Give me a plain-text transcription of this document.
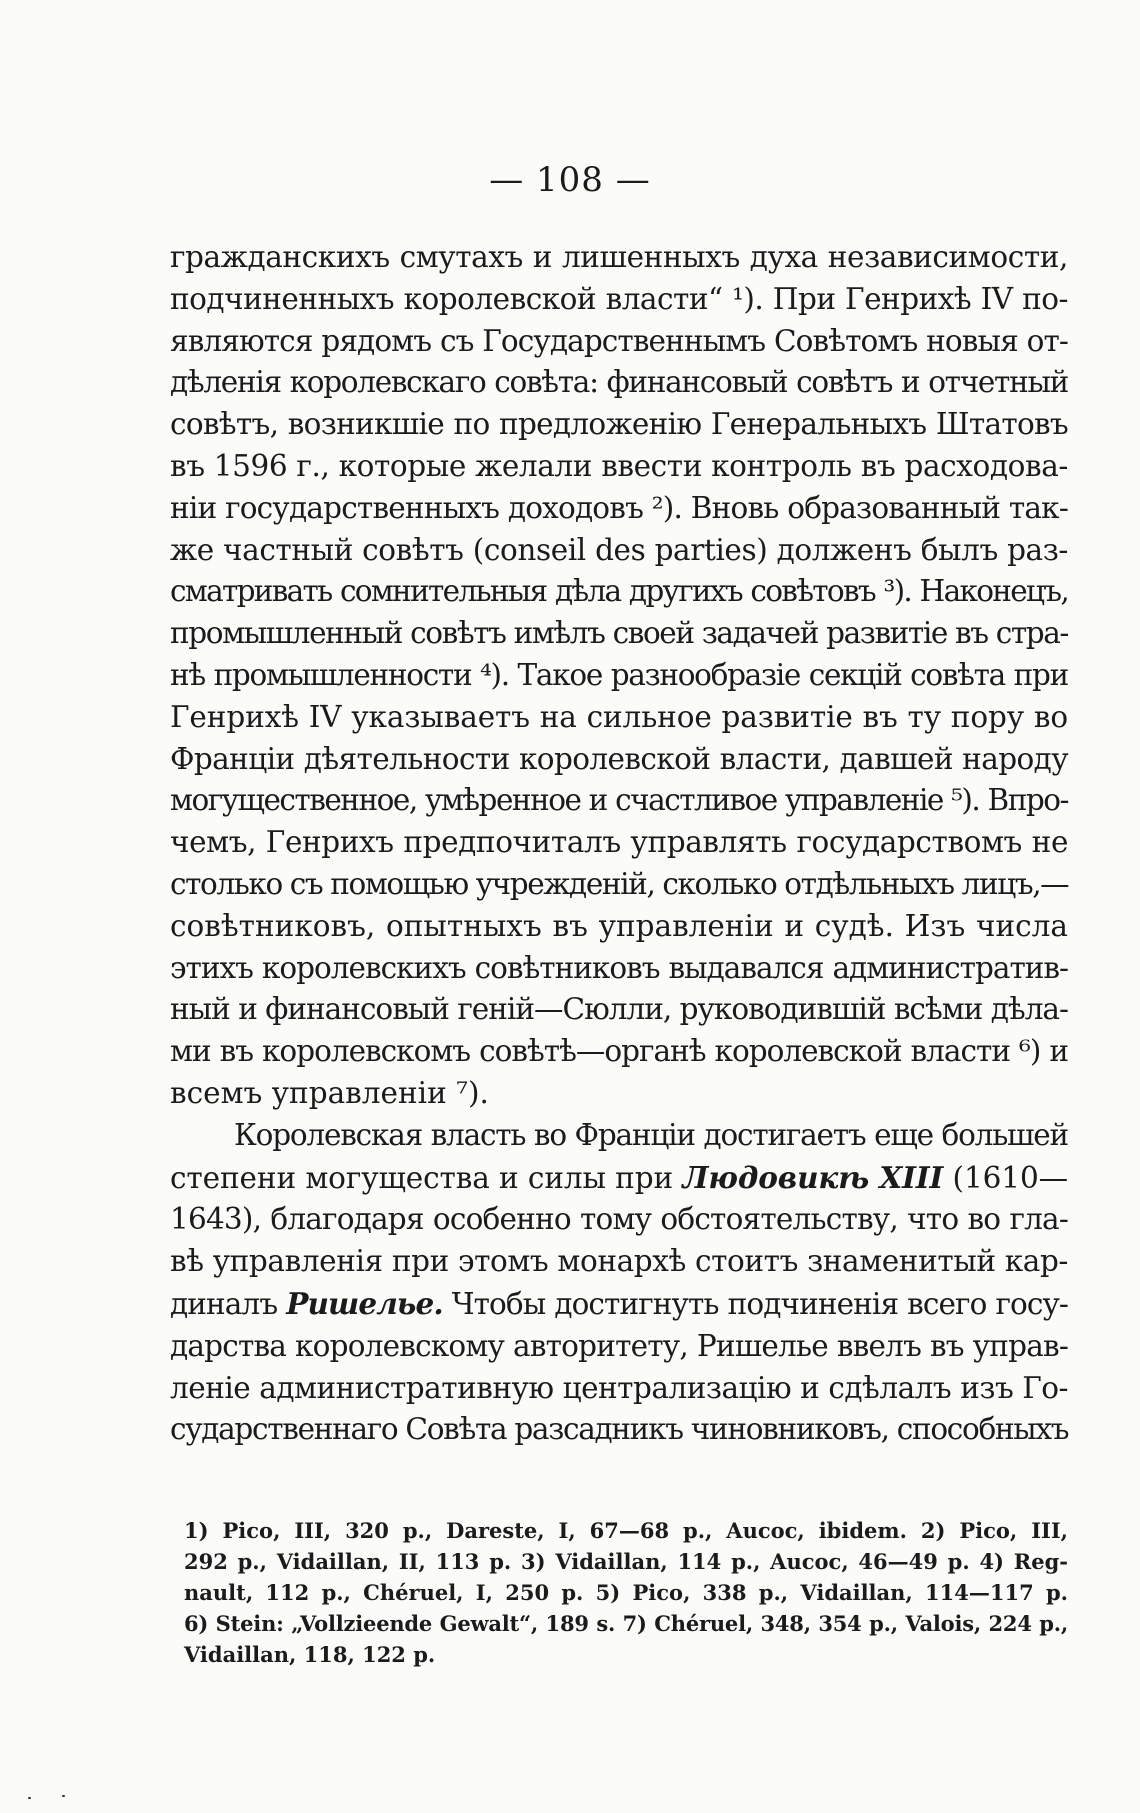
— 108 —
гражданскихъ смутахъ и лишенныхъ духа независимости,
подчиненныхъ королевской власти“ ¹). При Генрихѣ IV по-
являются рядомъ съ Государственнымъ Совѣтомъ новыя от-
дѣленія королевскаго совѣта: финансовый совѣтъ и отчетный
совѣтъ, возникшіе по предложенію Генеральныхъ Штатовъ
въ 1596 г., которые желали ввести контроль въ расходова-
ніи государственныхъ доходовъ ²). Вновь образованный так-
же частный совѣтъ (conseil des parties) долженъ былъ раз-
сматривать сомнительныя дѣла другихъ совѣтовъ ³). Наконецъ,
промышленный совѣтъ имѣлъ своей задачей развитіе въ стра-
нѣ промышленности ⁴). Такое разнообразіе секцій совѣта при
Генрихѣ IV указываетъ на сильное развитіе въ ту пору во
Франціи дѣятельности королевской власти, давшей народу
могущественное, умѣренное и счастливое управленіе ⁵). Впро-
чемъ, Генрихъ предпочиталъ управлять государствомъ не
столько съ помощью учрежденій, сколько отдѣльныхъ лицъ,—
совѣтниковъ, опытныхъ въ управленіи и судѣ. Изъ числа
этихъ королевскихъ совѣтниковъ выдавался административ-
ный и финансовый геній—Сюлли, руководившій всѣми дѣла-
ми въ королевскомъ совѣтѣ—органѣ королевской власти ⁶) и
всемъ управленіи ⁷).
Королевская власть во Франціи достигаетъ еще большей
степени могущества и силы при Людовикѣ XIII (1610—
1643), благодаря особенно тому обстоятельству, что во гла-
вѣ управленія при этомъ монархѣ стоитъ знаменитый кар-
диналъ Ришелье. Чтобы достигнуть подчиненія всего госу-
дарства королевскому авторитету, Ришелье ввелъ въ управ-
леніе административную централизацію и сдѣлалъ изъ Го-
сударственнаго Совѣта разсадникъ чиновниковъ, способныхъ
1) Pico, III, 320 p., Dareste, I, 67—68 p., Aucoc, ibidem. 2) Pico, III,
292 p., Vidaillan, II, 113 p. 3) Vidaillan, 114 p., Aucoc, 46—49 p. 4) Reg-
nault, 112 p., Chéruel, I, 250 p. 5) Pico, 338 p., Vidaillan, 114—117 p.
6) Stein: „Vollzieende Gewalt“, 189 s. 7) Chéruel, 348, 354 p., Valois, 224 p.,
Vidaillan, 118, 122 p.
